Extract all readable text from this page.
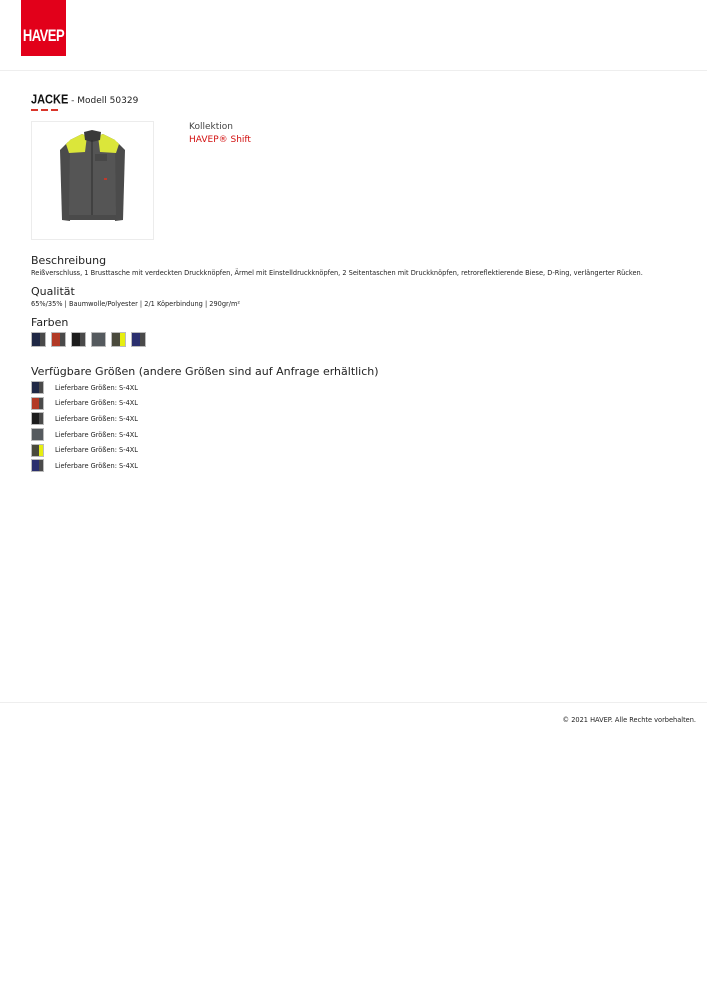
HAVEP
JACKE - Modell 50329
Kollektion
HAVEP® Shift
Beschreibung
Reißverschluss, 1 Brusttasche mit verdeckten Druckknöpfen, Ärmel mit Einstelldruckknöpfen, 2 Seitentaschen mit Druckknöpfen, retroreflektierende Biese, D-Ring, verlängerter Rücken.
Qualität
65%/35% | Baumwolle/Polyester | 2/1 Köperbindung | 290gr/m²
Farben
Verfügbare Größen (andere Größen sind auf Anfrage erhältlich)
Lieferbare Größen: S-4XL
Lieferbare Größen: S-4XL
Lieferbare Größen: S-4XL
Lieferbare Größen: S-4XL
Lieferbare Größen: S-4XL
Lieferbare Größen: S-4XL
© 2021 HAVEP. Alle Rechte vorbehalten.
